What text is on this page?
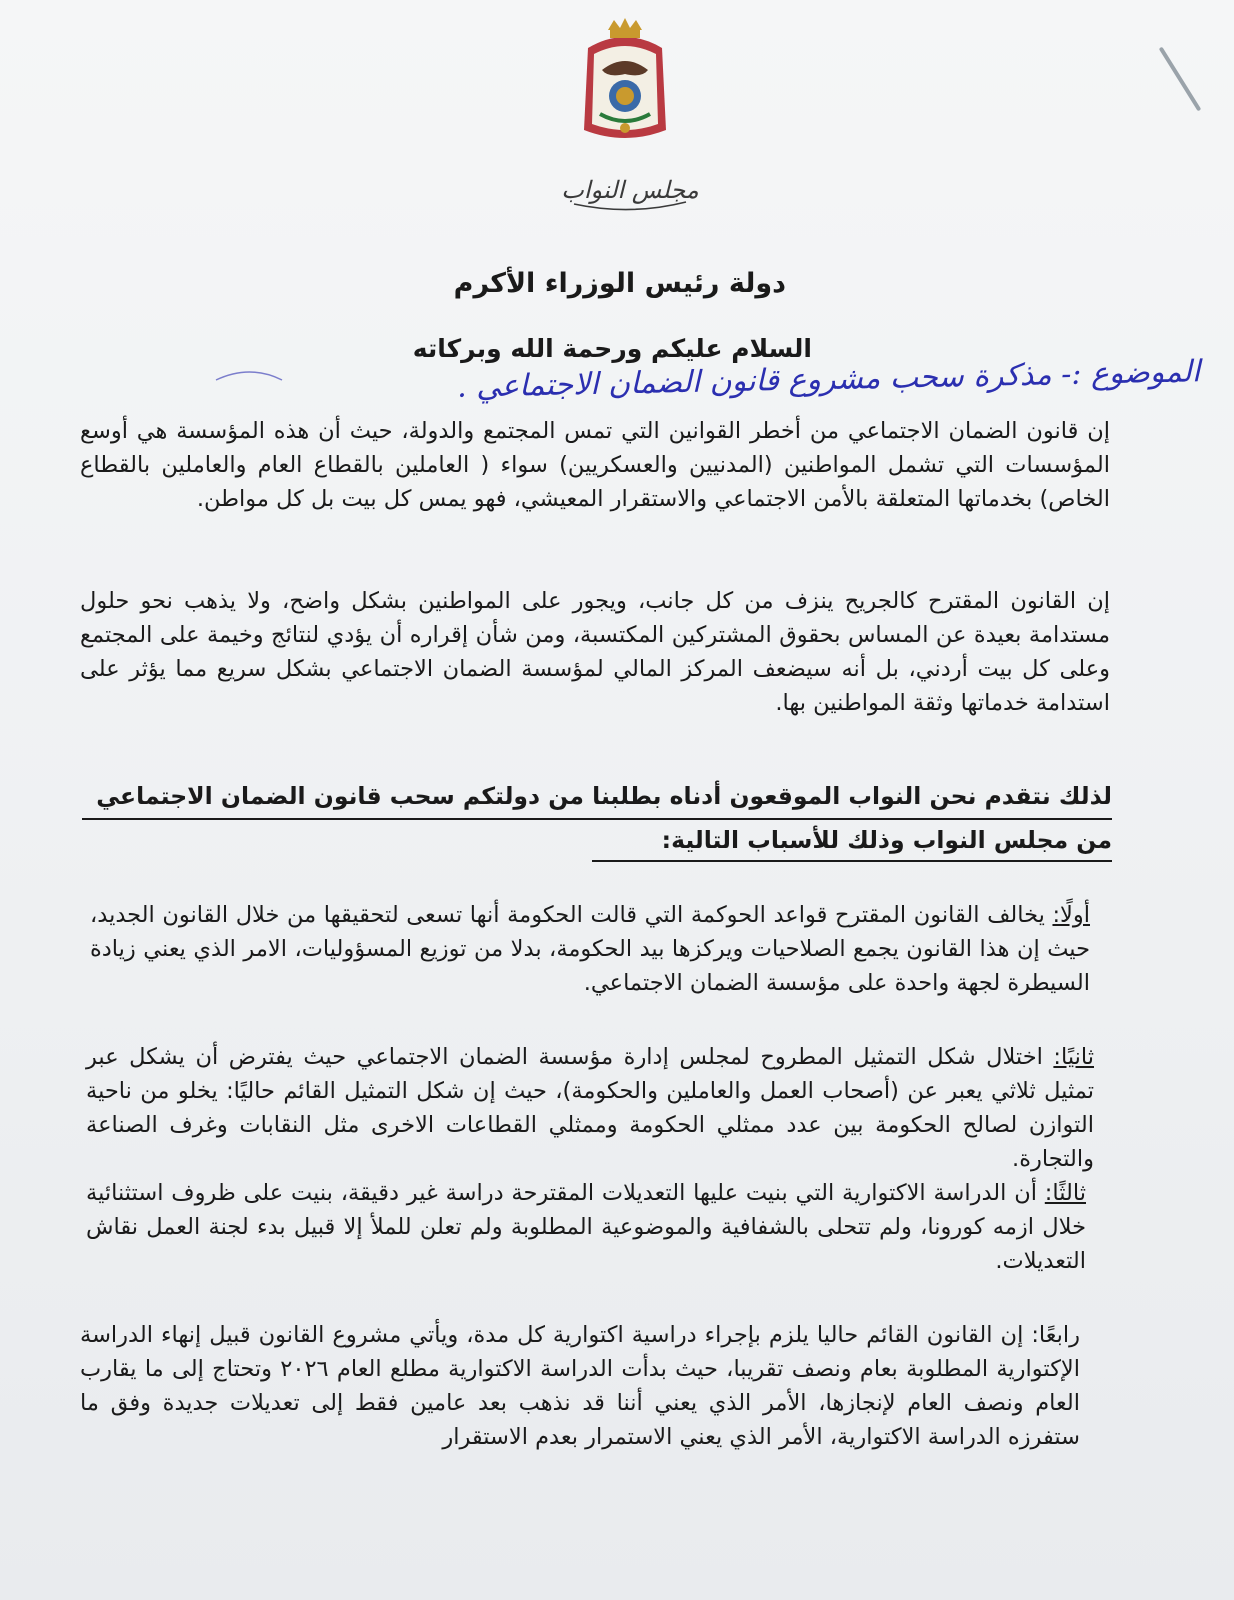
مجلس النواب
دولة رئيس الوزراء الأكرم
السلام عليكم ورحمة الله وبركاته
الموضوع :- مذكرة سحب مشروع قانون الضمان الاجتماعي .

إن قانون الضمان الاجتماعي من أخطر القوانين التي تمس المجتمع والدولة، حيث أن هذه المؤسسة هي أوسع المؤسسات التي تشمل المواطنين (المدنيين والعسكريين) سواء ( العاملين بالقطاع العام والعاملين بالقطاع الخاص) بخدماتها المتعلقة بالأمن الاجتماعي والاستقرار المعيشي، فهو يمس كل بيت بل كل مواطن.

إن القانون المقترح كالجريح ينزف من كل جانب، ويجور على المواطنين بشكل واضح، ولا يذهب نحو حلول مستدامة بعيدة عن المساس بحقوق المشتركين المكتسبة، ومن شأن إقراره أن يؤدي لنتائج وخيمة على المجتمع وعلى كل بيت أردني، بل أنه سيضعف المركز المالي لمؤسسة الضمان الاجتماعي بشكل سريع مما يؤثر على استدامة خدماتها وثقة المواطنين بها.

لذلك نتقدم نحن النواب الموقعون أدناه بطلبنا من دولتكم سحب قانون الضمان الاجتماعي
من مجلس النواب وذلك للأسباب التالية:

أولًا: يخالف القانون المقترح قواعد الحوكمة التي قالت الحكومة أنها تسعى لتحقيقها من خلال القانون الجديد، حيث إن هذا القانون يجمع الصلاحيات ويركزها بيد الحكومة، بدلا من توزيع المسؤوليات، الامر الذي يعني زيادة السيطرة لجهة واحدة على مؤسسة الضمان الاجتماعي.

ثانيًا: اختلال شكل التمثيل المطروح لمجلس إدارة مؤسسة الضمان الاجتماعي حيث يفترض أن يشكل عبر تمثيل ثلاثي يعبر عن (أصحاب العمل والعاملين والحكومة)، حيث إن شكل التمثيل القائم حاليًا: يخلو من ناحية التوازن لصالح الحكومة بين عدد ممثلي الحكومة وممثلي القطاعات الاخرى مثل النقابات وغرف الصناعة والتجارة.

ثالثًا: أن الدراسة الاكتوارية التي بنيت عليها التعديلات المقترحة دراسة غير دقيقة، بنيت على ظروف استثنائية خلال ازمه كورونا، ولم تتحلى بالشفافية والموضوعية المطلوبة ولم تعلن للملأ إلا قبيل بدء لجنة العمل نقاش التعديلات.

رابعًا: إن القانون القائم حاليا يلزم بإجراء دراسية اكتوارية كل مدة، ويأتي مشروع القانون قبيل إنهاء الدراسة الإكتوارية المطلوبة بعام ونصف تقريبا، حيث بدأت الدراسة الاكتوارية مطلع العام ٢٠٢٦ وتحتاج إلى ما يقارب العام ونصف العام لإنجازها، الأمر الذي يعني أننا قد نذهب بعد عامين فقط إلى تعديلات جديدة وفق ما ستفرزه الدراسة الاكتوارية، الأمر الذي يعني الاستمرار بعدم الاستقرار
